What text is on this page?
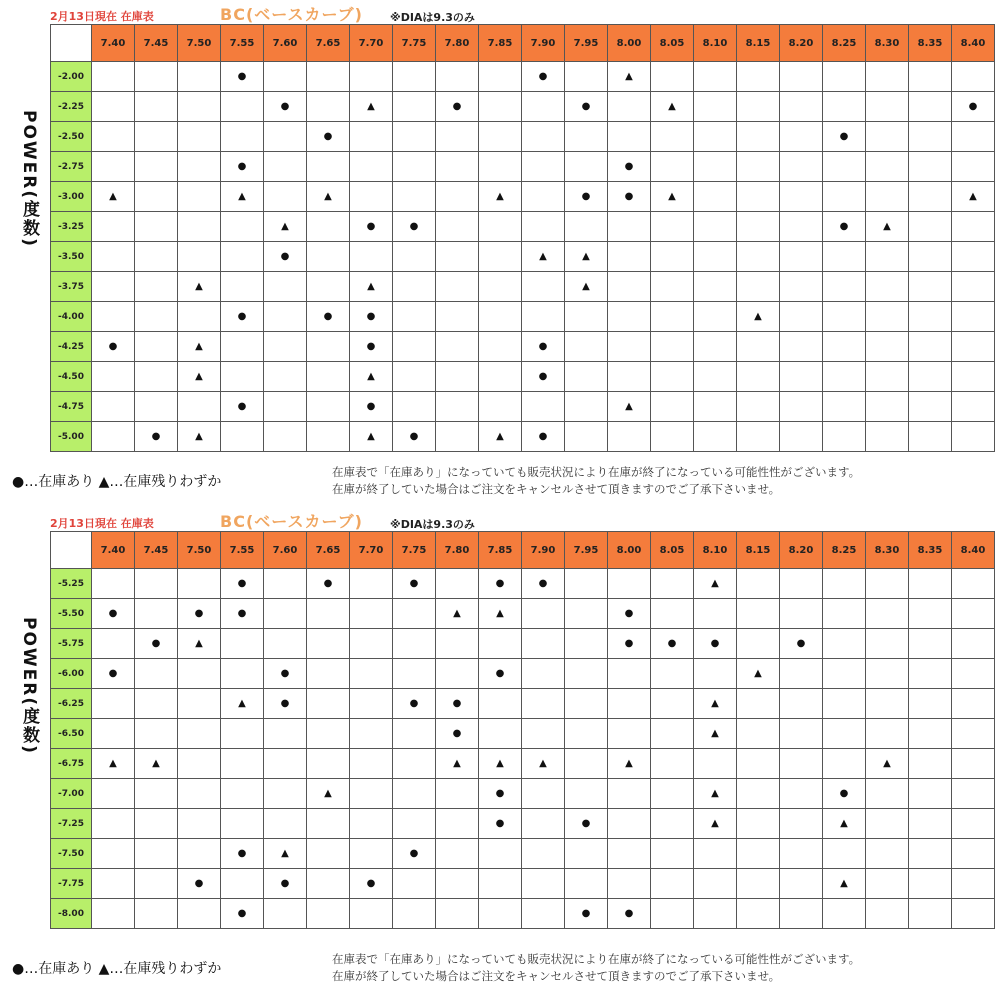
2月13日現在 在庫表	BC(ベースカーブ) ※DIAは9.3のみ
POWER(度数)
	7.40	7.45	7.50	7.55	7.60	7.65	7.70	7.75	7.80	7.85	7.90	7.95	8.00	8.05	8.10	8.15	8.20	8.25	8.30	8.35	8.40
-2.00				●							●		▲								
-2.25					●		▲		●			●		▲							●
-2.50						●												●			
-2.75				●									●								
-3.00	▲			▲		▲				▲		●	●	▲							▲
-3.25					▲		●	●										●	▲		
-3.50					●						▲	▲									
-3.75			▲				▲					▲									
-4.00				●		●	●									▲					
-4.25	●		▲				●				●										
-4.50			▲				▲				●										
-4.75				●			●						▲								
-5.00		●	▲				▲	●		▲	●										
●…在庫あり ▲…在庫残りわずか
在庫表で「在庫あり」になっていても販売状況により在庫が終了になっている可能性性がございます。
在庫が終了していた場合はご注文をキャンセルさせて頂きますのでご了承下さいませ。
2月13日現在 在庫表	BC(ベースカーブ) ※DIAは9.3のみ
POWER(度数)
	7.40	7.45	7.50	7.55	7.60	7.65	7.70	7.75	7.80	7.85	7.90	7.95	8.00	8.05	8.10	8.15	8.20	8.25	8.30	8.35	8.40
-5.25				●		●		●		●	●				▲						
-5.50	●		●	●					▲	▲			●								
-5.75		●	▲										●	●	●		●				
-6.00	●				●					●						▲					
-6.25				▲	●			●	●						▲						
-6.50									●						▲						
-6.75	▲	▲							▲	▲	▲		▲						▲		
-7.00						▲				●					▲			●			
-7.25										●		●			▲			▲			
-7.50				●	▲			●													
-7.75			●		●		●											▲			
-8.00				●								●	●								
●…在庫あり ▲…在庫残りわずか
在庫表で「在庫あり」になっていても販売状況により在庫が終了になっている可能性性がございます。
在庫が終了していた場合はご注文をキャンセルさせて頂きますのでご了承下さいませ。
